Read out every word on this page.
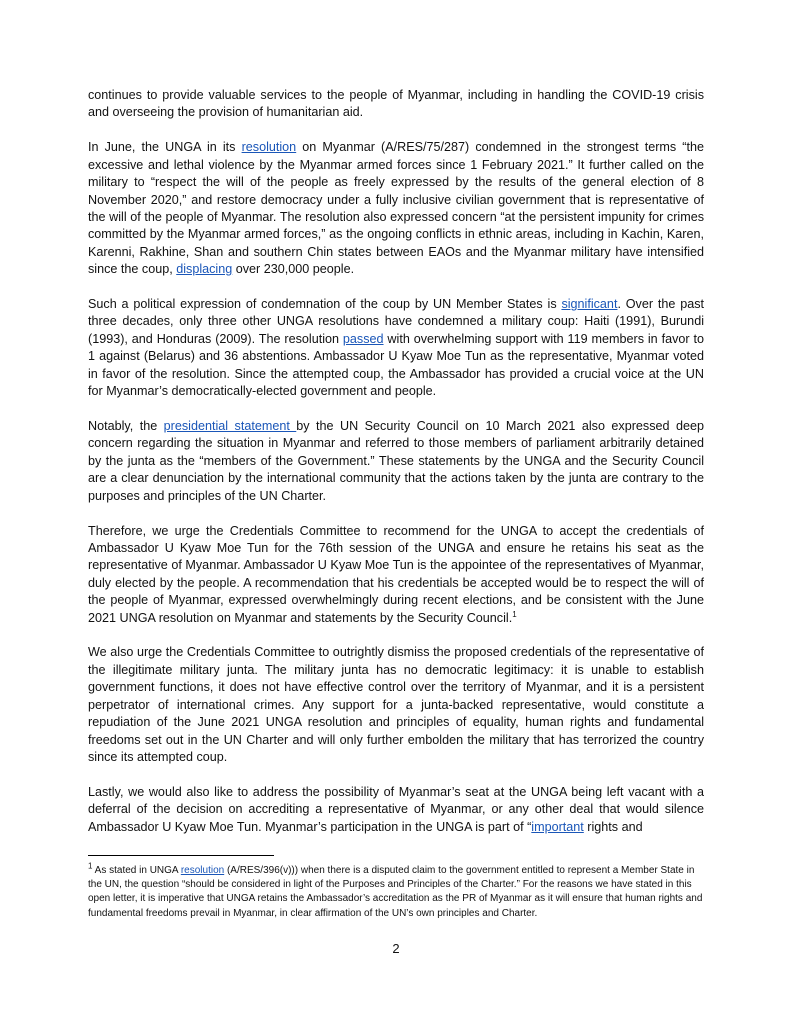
continues to provide valuable services to the people of Myanmar, including in handling the COVID-19 crisis and overseeing the provision of humanitarian aid.

In June, the UNGA in its resolution on Myanmar (A/RES/75/287) condemned in the strongest terms “the excessive and lethal violence by the Myanmar armed forces since 1 February 2021.” It further called on the military to “respect the will of the people as freely expressed by the results of the general election of 8 November 2020,” and restore democracy under a fully inclusive civilian government that is representative of the will of the people of Myanmar. The resolution also expressed concern “at the persistent impunity for crimes committed by the Myanmar armed forces,” as the ongoing conflicts in ethnic areas, including in Kachin, Karen, Karenni, Rakhine, Shan and southern Chin states between EAOs and the Myanmar military have intensified since the coup, displacing over 230,000 people.

Such a political expression of condemnation of the coup by UN Member States is significant. Over the past three decades, only three other UNGA resolutions have condemned a military coup: Haiti (1991), Burundi (1993), and Honduras (2009). The resolution passed with overwhelming support with 119 members in favor to 1 against (Belarus) and 36 abstentions. Ambassador U Kyaw Moe Tun as the representative, Myanmar voted in favor of the resolution. Since the attempted coup, the Ambassador has provided a crucial voice at the UN for Myanmar’s democratically-elected government and people.

Notably, the presidential statement by the UN Security Council on 10 March 2021 also expressed deep concern regarding the situation in Myanmar and referred to those members of parliament arbitrarily detained by the junta as the “members of the Government.” These statements by the UNGA and the Security Council are a clear denunciation by the international community that the actions taken by the junta are contrary to the purposes and principles of the UN Charter.

Therefore, we urge the Credentials Committee to recommend for the UNGA to accept the credentials of Ambassador U Kyaw Moe Tun for the 76th session of the UNGA and ensure he retains his seat as the representative of Myanmar. Ambassador U Kyaw Moe Tun is the appointee of the representatives of Myanmar, duly elected by the people. A recommendation that his credentials be accepted would be to respect the will of the people of Myanmar, expressed overwhelmingly during recent elections, and be consistent with the June 2021 UNGA resolution on Myanmar and statements by the Security Council.$^1$

We also urge the Credentials Committee to outrightly dismiss the proposed credentials of the representative of the illegitimate military junta. The military junta has no democratic legitimacy: it is unable to establish government functions, it does not have effective control over the territory of Myanmar, and it is a persistent perpetrator of international crimes. Any support for a junta-backed representative, would constitute a repudiation of the June 2021 UNGA resolution and principles of equality, human rights and fundamental freedoms set out in the UN Charter and will only further embolden the military that has terrorized the country since its attempted coup.

Lastly, we would also like to address the possibility of Myanmar’s seat at the UNGA being left vacant with a deferral of the decision on accrediting a representative of Myanmar, or any other deal that would silence Ambassador U Kyaw Moe Tun. Myanmar’s participation in the UNGA is part of “important rights and

$^1$ As stated in UNGA resolution (A/RES/396(v))) when there is a disputed claim to the government entitled to represent a Member State in the UN, the question “should be considered in light of the Purposes and Principles of the Charter.” For the reasons we have stated in this open letter, it is imperative that UNGA retains the Ambassador’s accreditation as the PR of Myanmar as it will ensure that human rights and fundamental freedoms prevail in Myanmar, in clear affirmation of the UN’s own principles and Charter.

2
